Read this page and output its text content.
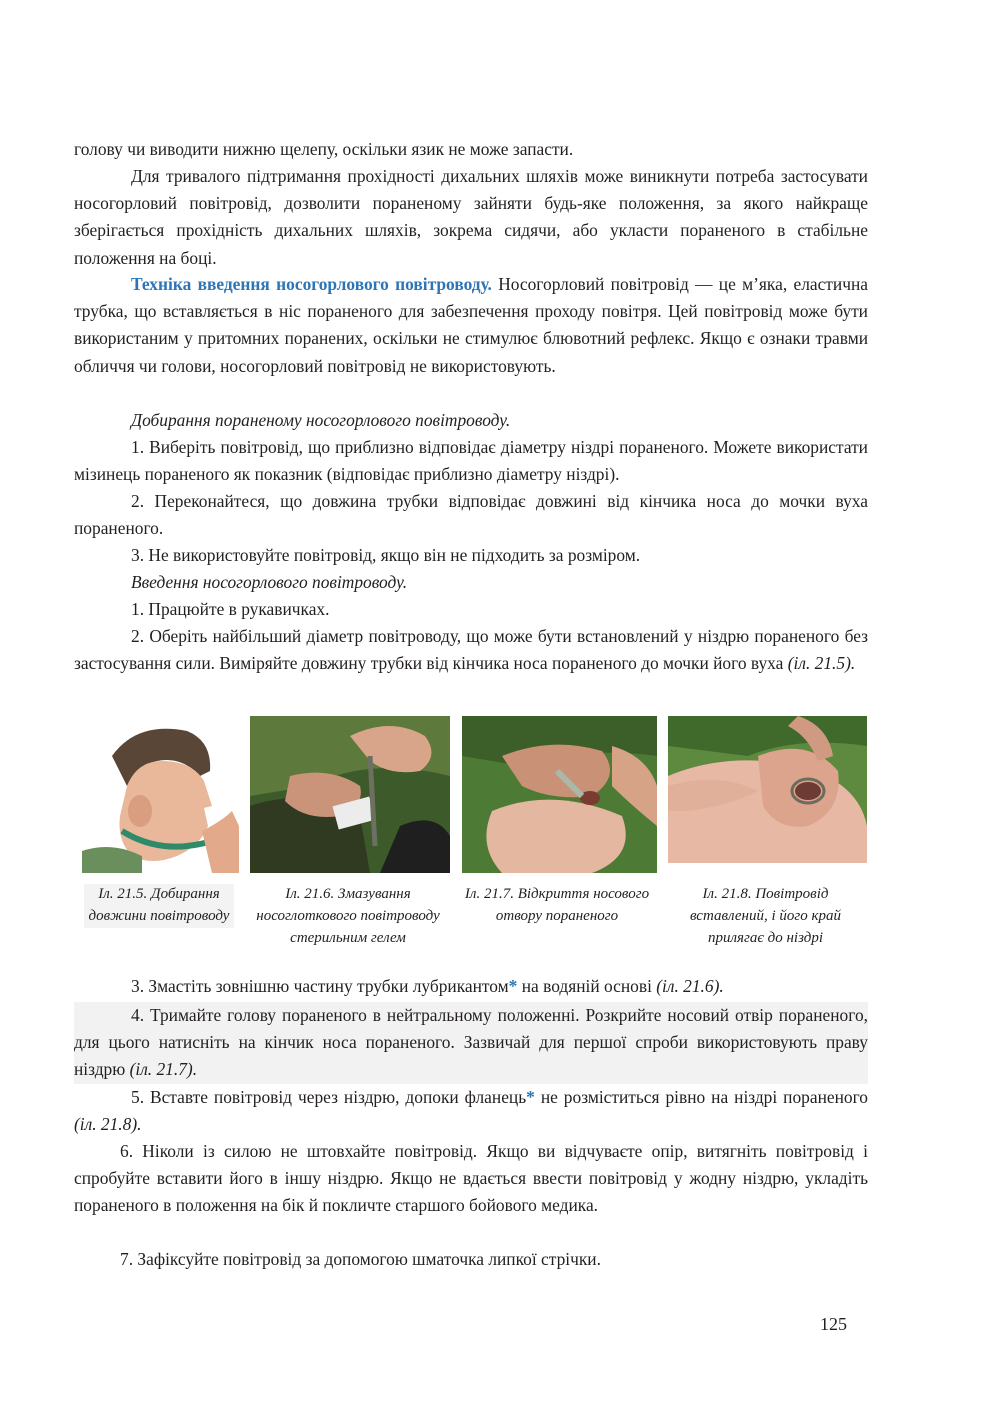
голову чи виводити нижню щелепу, оскільки язик не може запасти.

Для тривалого підтримання прохідності дихальних шляхів може виникнути потреба застосувати носогорловий повітровід, дозволити пораненому зайняти будь-яке положення, за якого найкраще зберігається прохідність дихальних шляхів, зокрема сидячи, або укласти пораненого в стабільне положення на боці.

Техніка введення носогорлового повітроводу. Носогорловий повітровід — це м’яка, еластична трубка, що вставляється в ніс пораненого для забезпечення проходу повітря. Цей повітровід може бути використаним у притомних поранених, оскільки не стимулює блювотний рефлекс. Якщо є ознаки травми обличчя чи голови, носогорловий повітровід не використовують.

Добирання пораненому носогорлового повітроводу.

1. Виберіть повітровід, що приблизно відповідає діаметру ніздрі пораненого. Можете використати мізинець пораненого як показник (відповідає приблизно діаметру ніздрі).

2. Переконайтеся, що довжина трубки відповідає довжині від кінчика носа до мочки вуха пораненого.

3. Не використовуйте повітровід, якщо він не підходить за розміром.

Введення носогорлового повітроводу.

1. Працюйте в рукавичках.

2. Оберіть найбільший діаметр повітроводу, що може бути встановлений у ніздрю пораненого без застосування сили. Виміряйте довжину трубки від кінчика носа пораненого до мочки його вуха (іл. 21.5).

Іл. 21.5. Добирання довжини повітроводу
Іл. 21.6. Змазування носоглоткового повітроводу стерильним гелем
Іл. 21.7. Відкриття носового отвору пораненого
Іл. 21.8. Повітровід вставлений, і його край прилягає до ніздрі

3. Змастіть зовнішню частину трубки лубрикантом* на водяній основі (іл. 21.6).

4. Тримайте голову пораненого в нейтральному положенні. Розкрийте носовий отвір пораненого, для цього натисніть на кінчик носа пораненого. Зазвичай для першої спроби використовують праву ніздрю (іл. 21.7).

5. Вставте повітровід через ніздрю, допоки фланець* не розміститься рівно на ніздрі пораненого (іл. 21.8).

6. Ніколи із силою не штовхайте повітровід. Якщо ви відчуваєте опір, витягніть повітровід і спробуйте вставити його в іншу ніздрю. Якщо не вдається ввести повітровід у жодну ніздрю, укладіть пораненого в положення на бік й покличте старшого бойового медика.

7. Зафіксуйте повітровід за допомогою шматочка липкої стрічки.

125
